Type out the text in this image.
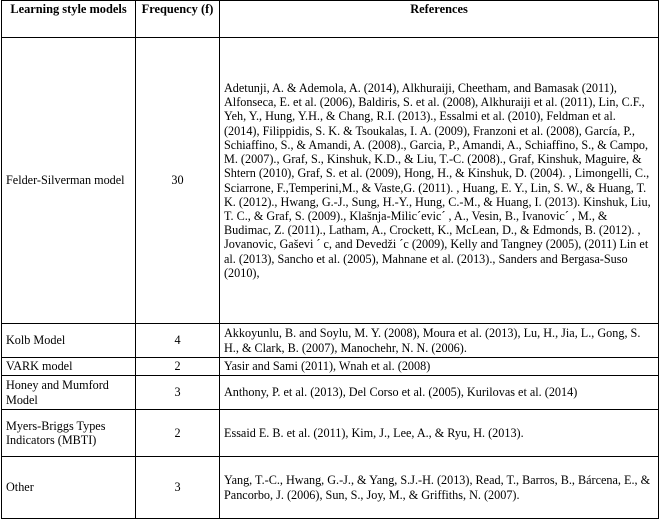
Learning style models	Frequency (f)	References
Felder-Silverman model	30	Adetunji, A. & Ademola, A. (2014), Alkhuraiji, Cheetham, and Bamasak (2011), Alfonseca, E. et al. (2006), Baldiris, S. et al. (2008), Alkhuraiji et al. (2011), Lin, C.F., Yeh, Y., Hung, Y.H., & Chang, R.I. (2013)., Essalmi et al. (2010), Feldman et al. (2014), Filippidis, S. K. & Tsoukalas, I. A. (2009), Franzoni et al. (2008), García, P., Schiaffino, S., & Amandi, A. (2008)., Garcia, P., Amandi, A., Schiaffino, S., & Campo, M. (2007)., Graf, S., Kinshuk, K.D., & Liu, T.-C. (2008)., Graf, Kinshuk, Maguire, & Shtern (2010), Graf, S. et al. (2009), Hong, H., & Kinshuk, D. (2004). , Limongelli, C., Sciarrone, F.,Temperini,M., & Vaste,G. (2011). , Huang, E. Y., Lin, S. W., & Huang, T. K. (2012)., Hwang, G.-J., Sung, H.-Y., Hung, C.-M., & Huang, I. (2013). Kinshuk, Liu, T. C., & Graf, S. (2009)., Klašnja-Milic´evic´ , A., Vesin, B., Ivanovic´ , M., & Budimac, Z. (2011)., Latham, A., Crockett, K., McLean, D., & Edmonds, B. (2012). , Jovanovic, Gaševi ´ c, and Devedži ´c (2009), Kelly and Tangney (2005), (2011) Lin et al. (2013), Sancho et al. (2005), Mahnane et al. (2013)., Sanders and Bergasa-Suso (2010),
Kolb Model	4	Akkoyunlu, B. and Soylu, M. Y. (2008), Moura et al. (2013), Lu, H., Jia, L., Gong, S. H., & Clark, B. (2007), Manochehr, N. N. (2006).
VARK model	2	Yasir and Sami (2011), Wnah et al. (2008)
Honey and Mumford Model	3	Anthony, P. et al. (2013), Del Corso et al. (2005), Kurilovas et al. (2014)
Myers-Briggs Types Indicators (MBTI)	2	Essaid E. B. et al. (2011), Kim, J., Lee, A., & Ryu, H. (2013).
Other	3	Yang, T.-C., Hwang, G.-J., & Yang, S.J.-H. (2013), Read, T., Barros, B., Bárcena, E., & Pancorbo, J. (2006), Sun, S., Joy, M., & Griffiths, N. (2007).
